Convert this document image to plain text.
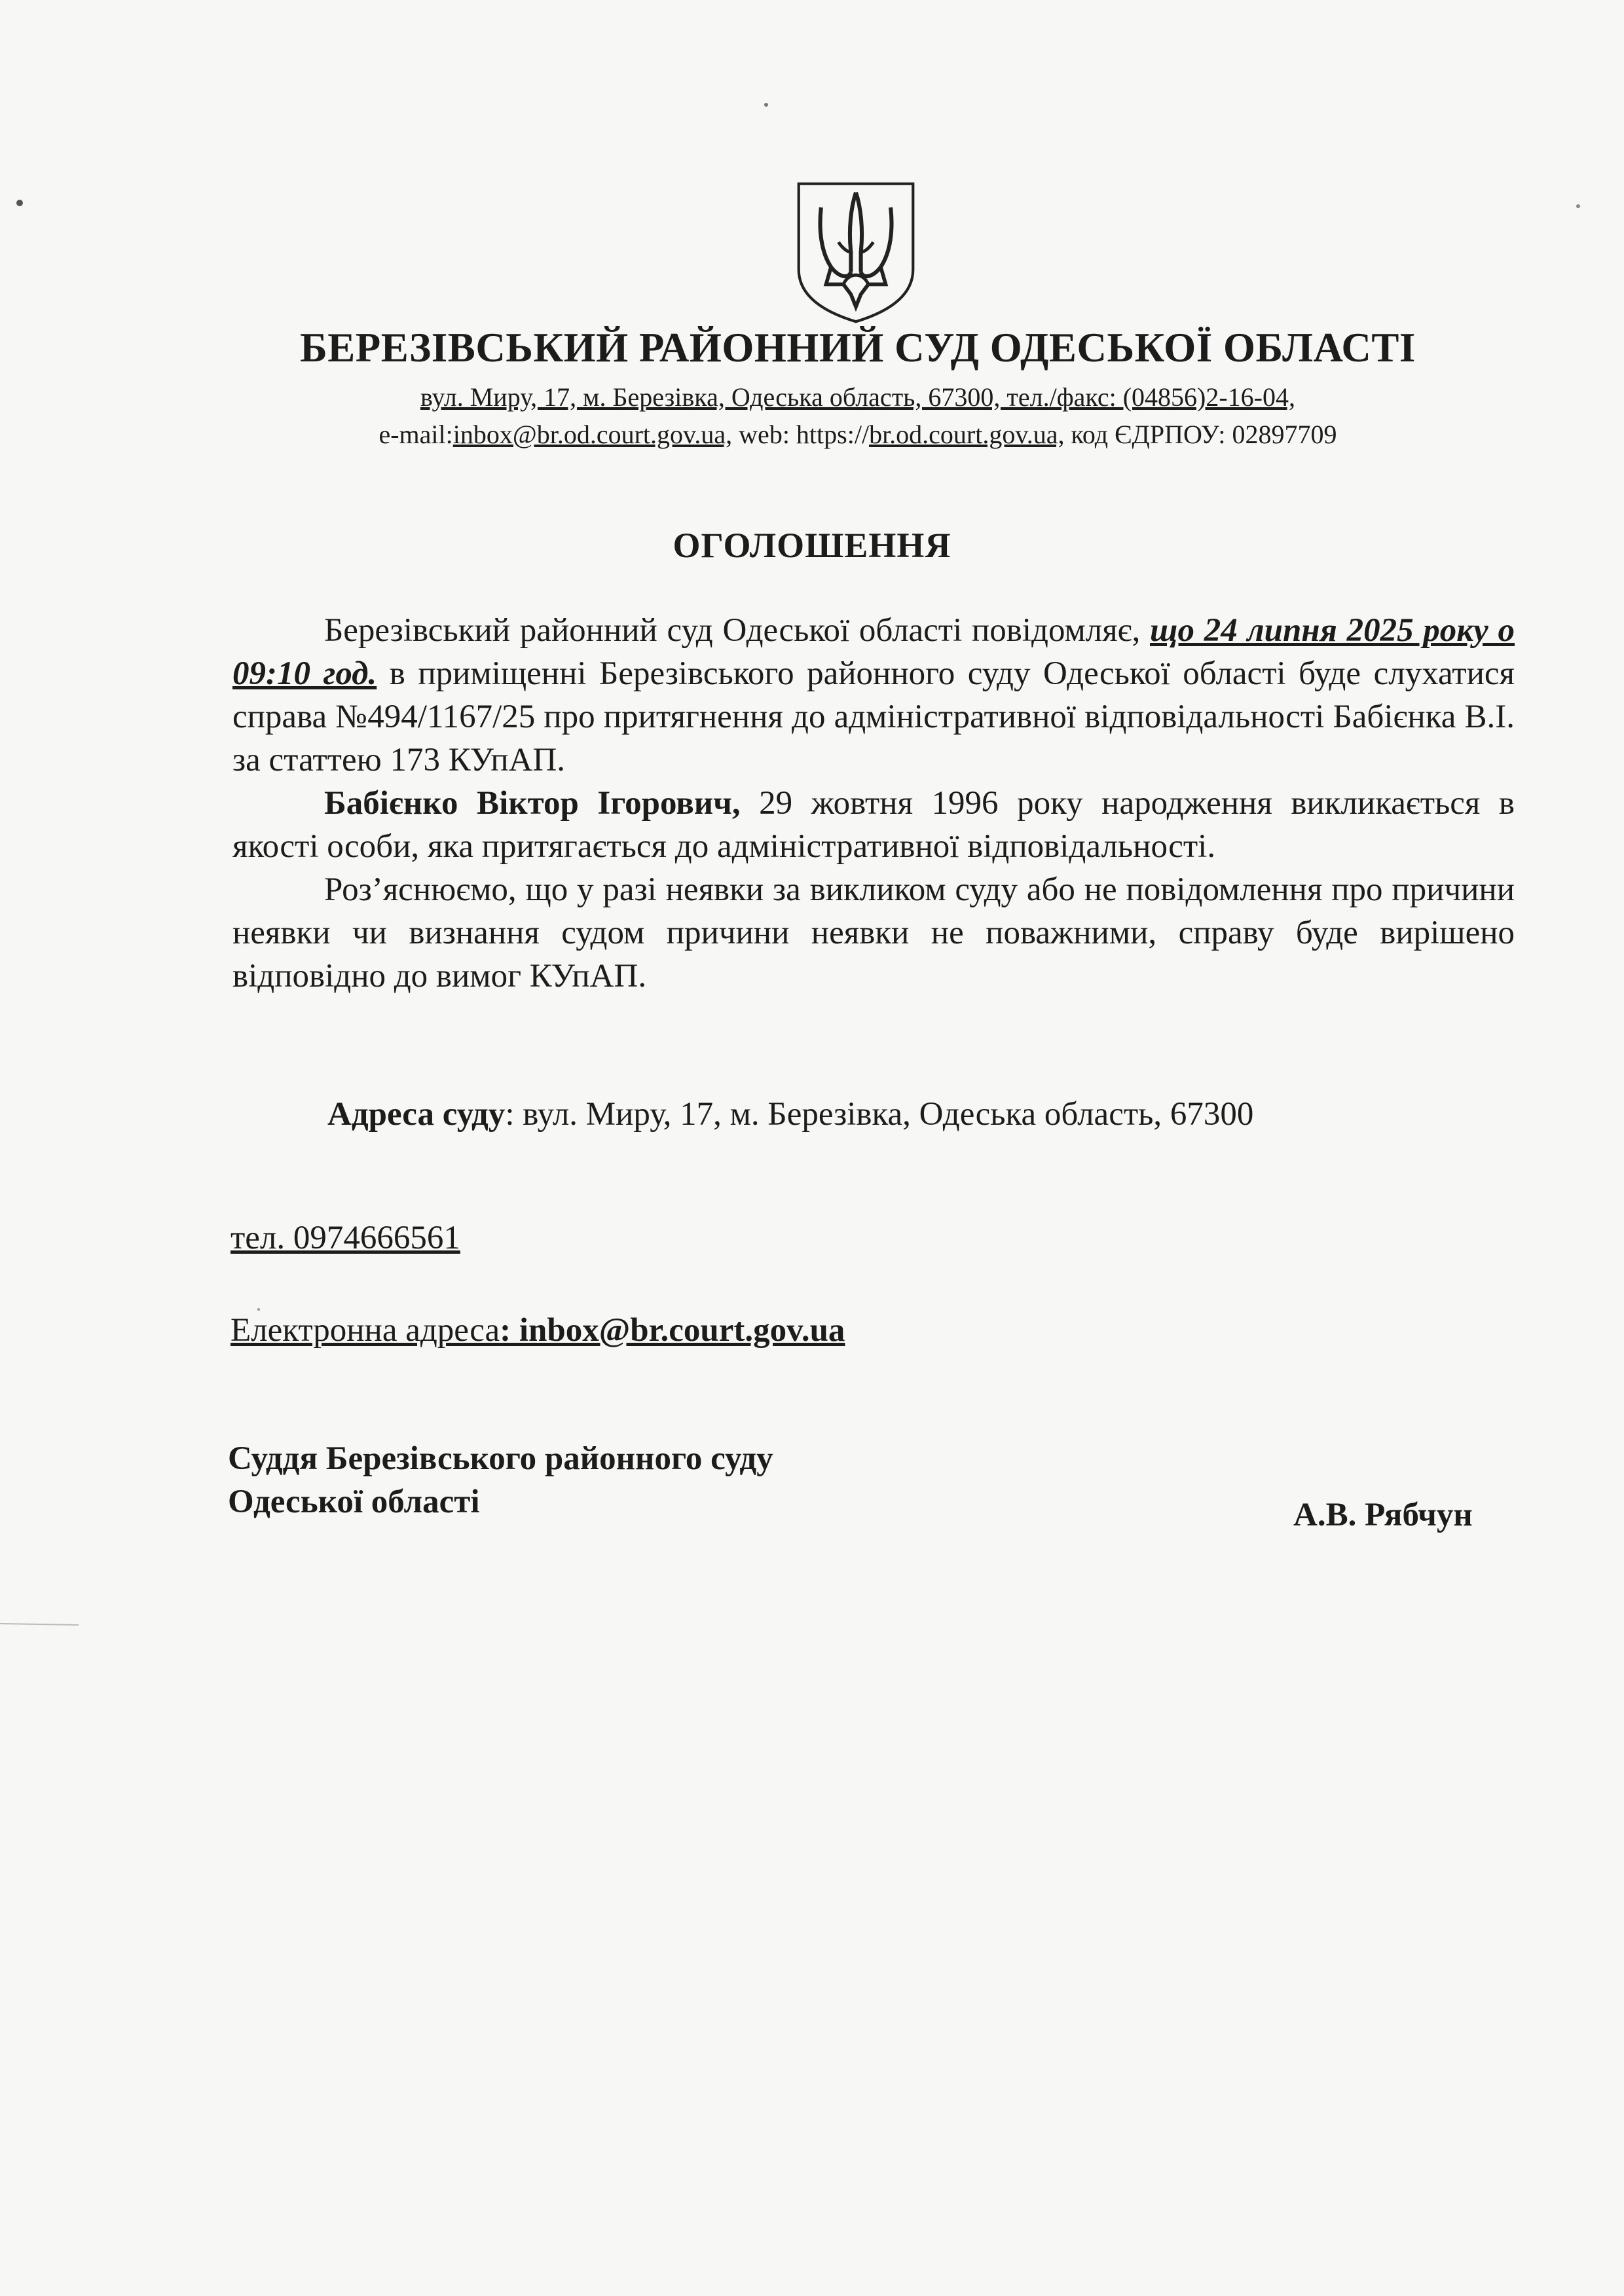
БЕРЕЗІВСЬКИЙ РАЙОННИЙ СУД ОДЕСЬКОЇ ОБЛАСТІ
вул. Миру, 17, м. Березівка, Одеська область, 67300, тел./факс: (04856)2-16-04,
e-mail:inbox@br.od.court.gov.ua, web: https://br.od.court.gov.ua, код ЄДРПОУ: 02897709
ОГОЛОШЕННЯ

Березівський районний суд Одеської області повідомляє, що 24 липня 2025 року о 09:10 год. в приміщенні Березівського районного суду Одеської області буде слухатися справа №494/1167/25 про притягнення до адміністративної відповідальності Бабієнка В.І. за статтею 173 КУпАП.

Бабієнко Віктор Ігорович, 29 жовтня 1996 року народження викликається в якості особи, яка притягається до адміністративної відповідальності.

Роз’яснюємо, що у разі неявки за викликом суду або не повідомлення про причини неявки чи визнання судом причини неявки не поважними, справу буде вирішено відповідно до вимог КУпАП.

Адреса суду: вул. Миру, 17, м. Березівка, Одеська область, 67300
тел. 0974666561
Електронна адреса: inbox@br.court.gov.ua
Суддя Березівського районного суду
Одеської області	А.В. Рябчун
